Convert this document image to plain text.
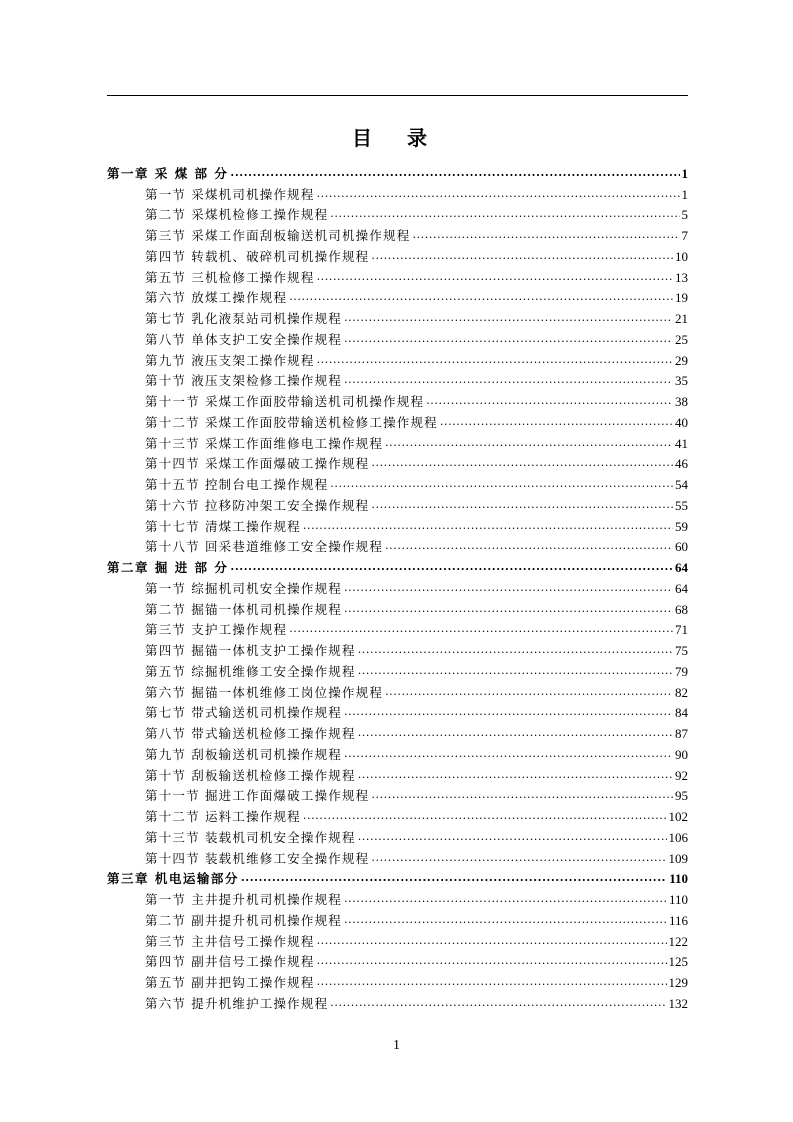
目 录
第一章 采 煤 部 分 .....	1
第一节 采煤机司机操作规程 .....	1
第二节 采煤机检修工操作规程 .....	5
第三节 采煤工作面刮板输送机司机操作规程 .....	7
第四节 转载机、破碎机司机操作规程 .....	10
第五节 三机检修工操作规程 .....	13
第六节 放煤工操作规程 .....	19
第七节 乳化液泵站司机操作规程 .....	21
第八节 单体支护工安全操作规程 .....	25
第九节 液压支架工操作规程 .....	29
第十节 液压支架检修工操作规程 .....	35
第十一节 采煤工作面胶带输送机司机操作规程 .....	38
第十二节 采煤工作面胶带输送机检修工操作规程 .....	40
第十三节 采煤工作面维修电工操作规程 .....	41
第十四节 采煤工作面爆破工操作规程 .....	46
第十五节 控制台电工操作规程 .....	54
第十六节 拉移防冲架工安全操作规程 .....	55
第十七节 清煤工操作规程 .....	59
第十八节 回采巷道维修工安全操作规程 .....	60
第二章 掘 进 部 分 .....	64
第一节 综掘机司机安全操作规程 .....	64
第二节 掘锚一体机司机操作规程 .....	68
第三节 支护工操作规程 .....	71
第四节 掘锚一体机支护工操作规程 .....	75
第五节 综掘机维修工安全操作规程 .....	79
第六节 掘锚一体机维修工岗位操作规程 .....	82
第七节 带式输送机司机操作规程 .....	84
第八节 带式输送机检修工操作规程 .....	87
第九节 刮板输送机司机操作规程 .....	90
第十节 刮板输送机检修工操作规程 .....	92
第十一节 掘进工作面爆破工操作规程 .....	95
第十二节 运料工操作规程 .....	102
第十三节 装载机司机安全操作规程 .....	106
第十四节 装载机维修工安全操作规程 .....	109
第三章 机电运输部分 .....	110
第一节 主井提升机司机操作规程 .....	110
第二节 副井提升机司机操作规程 .....	116
第三节 主井信号工操作规程 .....	122
第四节 副井信号工操作规程 .....	125
第五节 副井把钩工操作规程 .....	129
第六节 提升机维护工操作规程 .....	132
1
